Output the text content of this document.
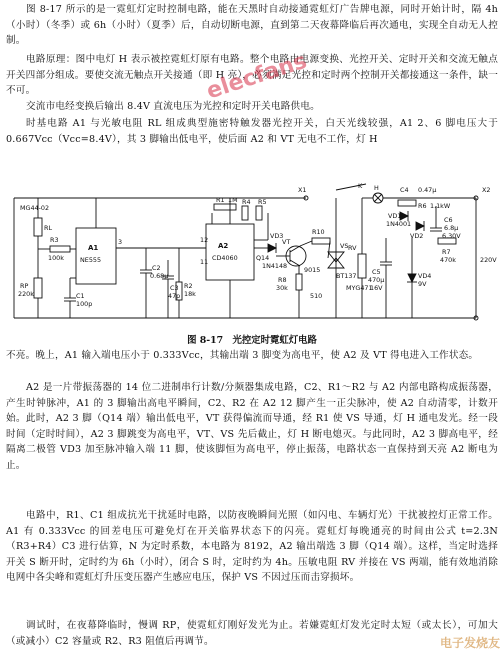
图 8-17 所示的是一霓虹灯定时控制电路，能在天黑时自动接通霓虹灯广告牌电源，同时开始计时，隔 4h（小时）（冬季）或 6h（小时）（夏季）后，自动切断电源，直到第二天夜幕降临后再次通电，实现全自动无人控制。
电路原理：图中电灯 H 表示被控霓虹灯原有电路。整个电路由电源变换、光控开关、定时开关和交流无触点开关四部分组成。要使交流无触点开关接通（即 H 亮），必须满足光控和定时两个控制开关都接通这一条件，缺一不可。
交流市电经变换后输出 8.4V 直流电压为光控和定时开关电路供电。
时基电路 A1 与光敏电阻 RL 组成典型施密特触发器光控开关，白天光线较强，A1 2、6 脚电压大于 0.667Vcc（Vcc=8.4V），其 3 脚输出低电平，使后面 A2 和 VT 无电不工作，灯 H
elecfans
MG44-02
RL
R3
100k
RP
220k
A1
NE555
C1
100p
3
C2
0.68μ
C3
47p
R2
18k
R1 1M R4 R5
12
11
A2
CD4060	Q14
VD3
1N4148
VT
9015
R8
30k
R10
510
VS
BT137
RV
MYG471
H
K
X1	X2
C4 0.47μ
R6 1.1kW
VD1
1N4001
VD2
C5
470μ
16V
C6
6.8μ
6.30V
R7
470k
VD4
9V
220V
图 8-17　光控定时霓虹灯电路
不亮。晚上，A1 输入端电压小于 0.333Vcc，其输出端 3 脚变为高电平，使 A2 及 VT 得电进入工作状态。
A2 是一片带振荡器的 14 位二进制串行计数/分频器集成电路，C2、R1～R2 与 A2 内部电路构成振荡器，产生时钟脉冲，A1 的 3 脚输出高电平瞬间，C2、R2 在 A2 12 脚产生一正尖脉冲，使 A2 自动清零，计数开始。此时，A2 3 脚（Q14 端）输出低电平，VT 获得偏流而导通，经 R1 使 VS 导通，灯 H 通电发光。经一段时间（定时时间），A2 3 脚跳变为高电平，VT、VS 先后截止，灯 H 断电熄灭。与此同时，A2 3 脚高电平，经隔离二极管 VD3 加至脉冲输入端 11 脚，使该脚恒为高电平，停止振荡，电路状态一直保持到天亮 A2 断电为止。
电路中，R1、C1 组成抗光干扰延时电路，以防夜晚瞬间光照（如闪电、车辆灯光）干扰被控灯正常工作。A1 有 0.333Vcc 的回差电压可避免灯在开关临界状态下的闪亮。霓虹灯每晚通亮的时间由公式 t=2.3N（R3+R4）C3 进行估算，N 为定时系数，本电路为 8192，A2 输出端选 3 脚（Q14 端）。这样，当定时选择开关 S 断开时，定时约为 6h（小时），闭合 S 时，定时约为 4h。压敏电阻 RV 并接在 VS 两端，能有效地消除电网中各尖峰和霓虹灯升压变压器产生感应电压，保护 VS 不因过压而击穿损坏。
调试时，在夜幕降临时，慢调 RP，使霓虹灯刚好发光为止。若嫌霓虹灯发光定时太短（或太长），可加大（或减小）C2 容量或 R2、R3 阻值后再调节。	电子发烧友
